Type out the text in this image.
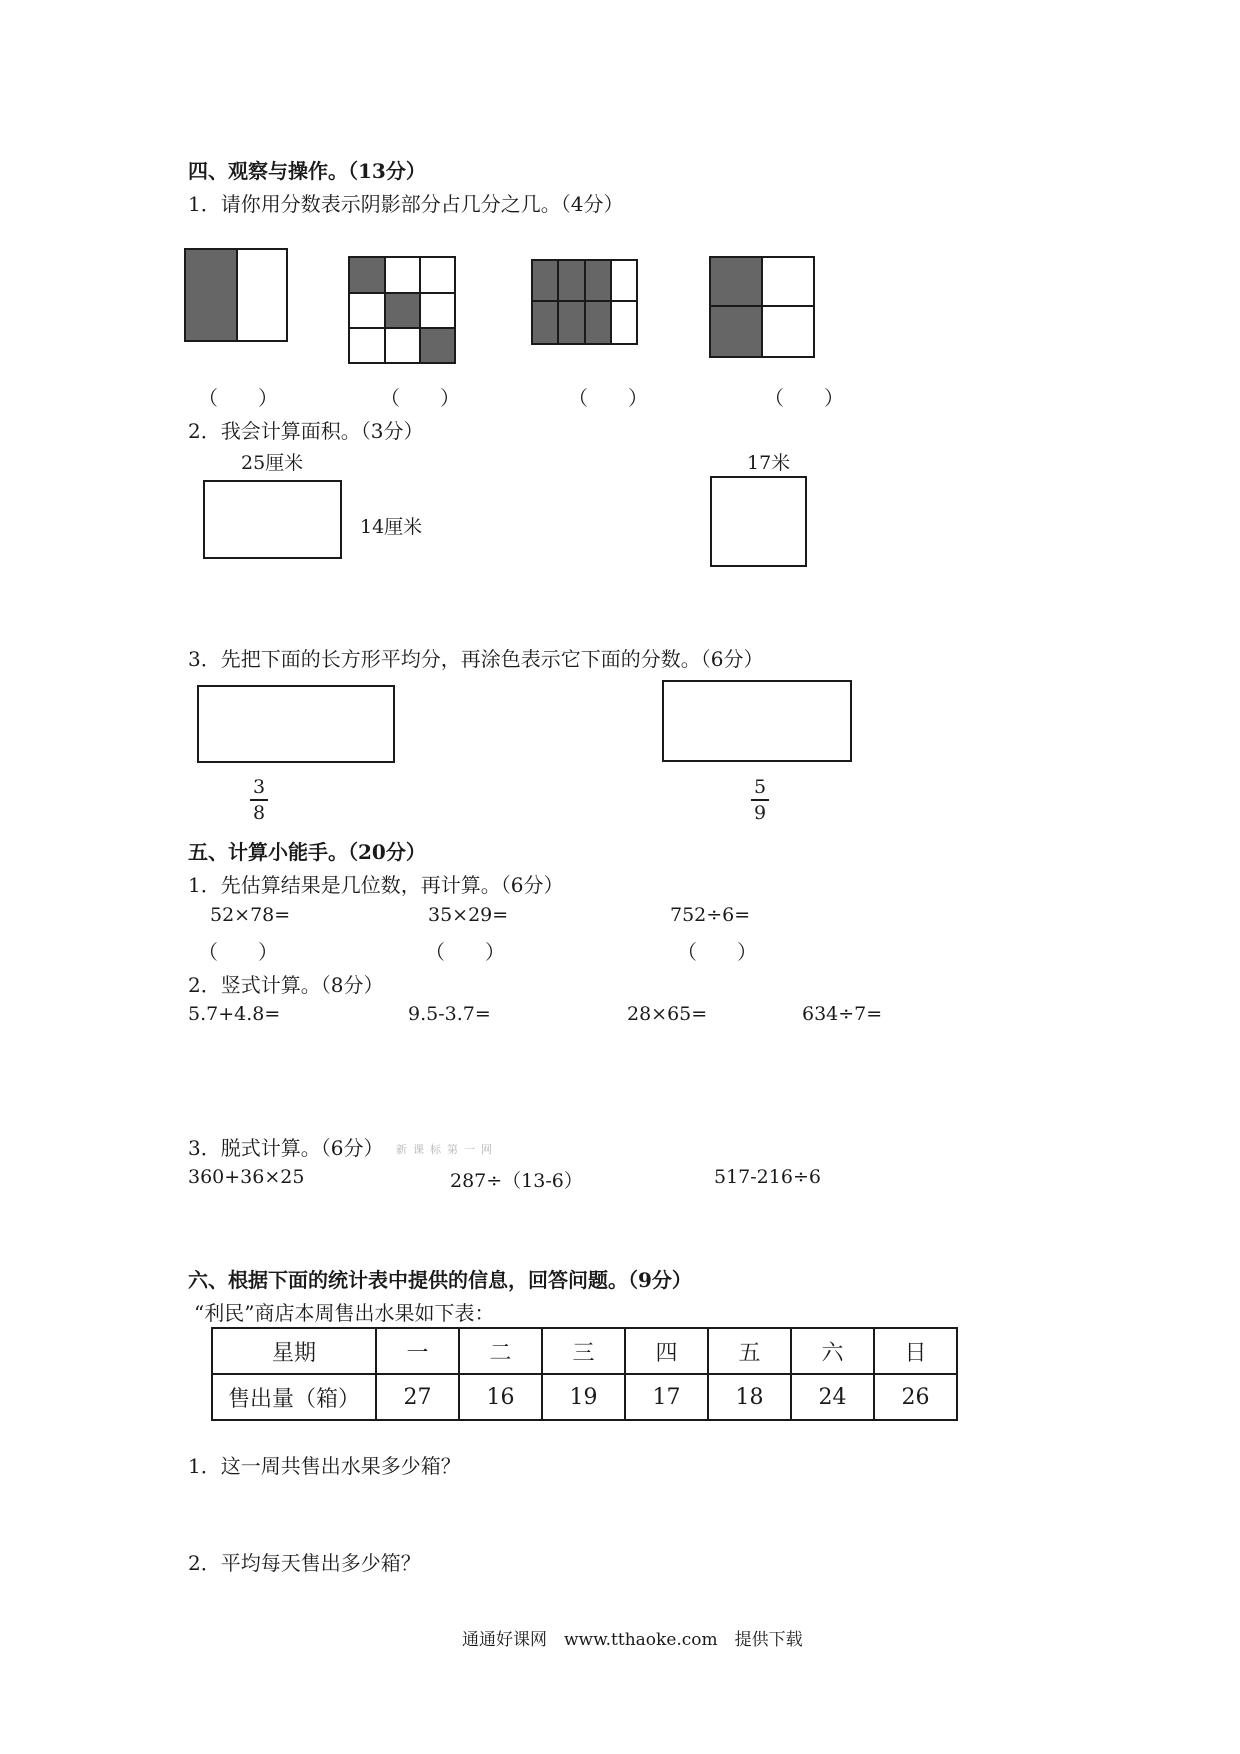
四、观察与操作。（13分）
1．请你用分数表示阴影部分占几分之几。（4分）
（　　）	（　　）	（　　）	（　　）
2．我会计算面积。（3分）
25厘米
14厘米
17米
3．先把下面的长方形平均分，再涂色表示它下面的分数。（6分）
3
8
5
9
五、计算小能手。（20分）
1．先估算结果是几位数，再计算。（6分）
52×78=	35×29=	752÷6=
（　　）	（　　）	（　　）
2．竖式计算。（8分）
5.7+4.8=	9.5-3.7=	28×65=	634÷7=
3．脱式计算。（6分） 新课标第一网
360+36×25	287÷（13-6）	517-216÷6
六、根据下面的统计表中提供的信息，回答问题。（9分）
“利民”商店本周售出水果如下表：
星期	一	二	三	四	五	六	日
售出量（箱）	27	16	19	17	18	24	26
1．这一周共售出水果多少箱？
2．平均每天售出多少箱？
通通好课网　www.tthaoke.com　提供下载
